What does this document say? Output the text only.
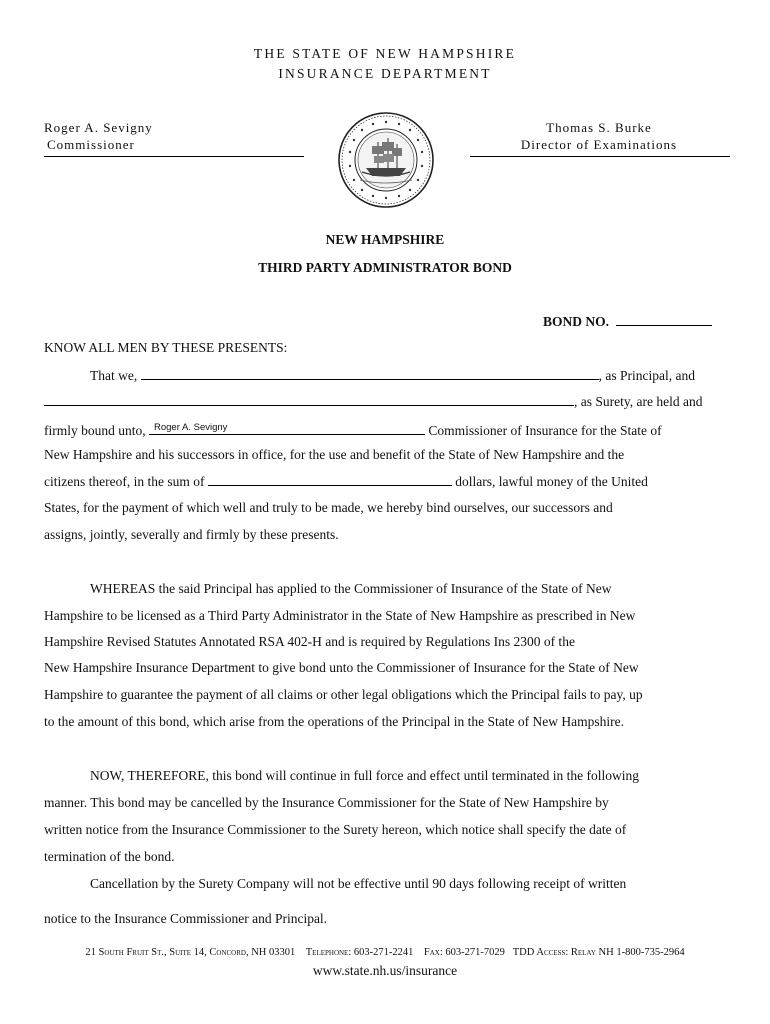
THE STATE OF NEW HAMPSHIRE
INSURANCE DEPARTMENT
Roger A. Sevigny
Commissioner
Thomas S. Burke
Director of Examinations
NEW HAMPSHIRE
THIRD PARTY ADMINISTRATOR BOND
BOND NO.
KNOW ALL MEN BY THESE PRESENTS:
That we,	, as Principal, and
, as Surety, are held and
firmly bound unto, Roger A. Sevigny	Commissioner of Insurance for the State of
New Hampshire and his successors in office, for the use and benefit of the State of New Hampshire and the
citizens thereof, in the sum of	dollars, lawful money of the United
States, for the payment of which well and truly to be made, we hereby bind ourselves, our successors and
assigns, jointly, severally and firmly by these presents.
WHEREAS the said Principal has applied to the Commissioner of Insurance of the State of New
Hampshire to be licensed as a Third Party Administrator in the State of New Hampshire as prescribed in New
Hampshire Revised Statutes Annotated RSA 402-H and is required by Regulations Ins 2300 of the
New Hampshire Insurance Department to give bond unto the Commissioner of Insurance for the State of New
Hampshire to guarantee the payment of all claims or other legal obligations which the Principal fails to pay, up
to the amount of this bond, which arise from the operations of the Principal in the State of New Hampshire.
NOW, THEREFORE, this bond will continue in full force and effect until terminated in the following
manner. This bond may be cancelled by the Insurance Commissioner for the State of New Hampshire by
written notice from the Insurance Commissioner to the Surety hereon, which notice shall specify the date of
termination of the bond.
Cancellation by the Surety Company will not be effective until 90 days following receipt of written
notice to the Insurance Commissioner and Principal.
21 South Fruit St., Suite 14, Concord, NH 03301 Telephone: 603-271-2241 Fax: 603-271-7029 TDD Access: Relay NH 1-800-735-2964
www.state.nh.us/insurance
